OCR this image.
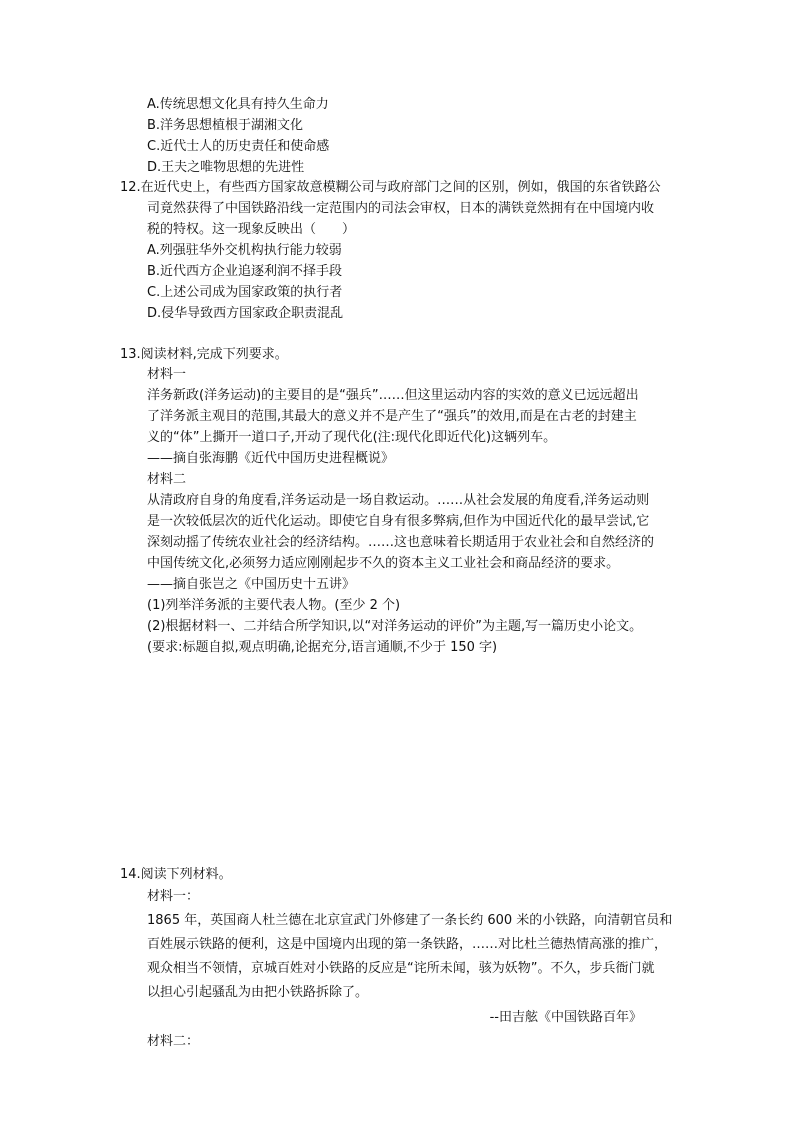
A.传统思想文化具有持久生命力
B.洋务思想植根于湖湘文化
C.近代士人的历史责任和使命感
D.王夫之唯物思想的先进性
12.在近代史上，有些西方国家故意模糊公司与政府部门之间的区别，例如，俄国的东省铁路公
司竟然获得了中国铁路沿线一定范围内的司法会审权，日本的满铁竟然拥有在中国境内收
税的特权。这一现象反映出（　　）
A.列强驻华外交机构执行能力较弱
B.近代西方企业追逐利润不择手段
C.上述公司成为国家政策的执行者
D.侵华导致西方国家政企职责混乱
13.阅读材料,完成下列要求。
材料一
洋务新政(洋务运动)的主要目的是“强兵”……但这里运动内容的实效的意义已远远超出
了洋务派主观目的范围,其最大的意义并不是产生了“强兵”的效用,而是在古老的封建主
义的“体”上撕开一道口子,开动了现代化(注:现代化即近代化)这辆列车。
——摘自张海鹏《近代中国历史进程概说》
材料二
从清政府自身的角度看,洋务运动是一场自救运动。……从社会发展的角度看,洋务运动则
是一次较低层次的近代化运动。即使它自身有很多弊病,但作为中国近代化的最早尝试,它
深刻动摇了传统农业社会的经济结构。……这也意味着长期适用于农业社会和自然经济的
中国传统文化,必须努力适应刚刚起步不久的资本主义工业社会和商品经济的要求。
——摘自张岂之《中国历史十五讲》
(1)列举洋务派的主要代表人物。(至少 2 个)
(2)根据材料一、二并结合所学知识,以“对洋务运动的评价”为主题,写一篇历史小论文。
(要求:标题自拟,观点明确,论据充分,语言通顺,不少于 150 字)
14.阅读下列材料。
材料一：
1865 年，英国商人杜兰德在北京宣武门外修建了一条长约 600 米的小铁路，向清朝官员和
百姓展示铁路的便利，这是中国境内出现的第一条铁路，……对比杜兰德热情高涨的推广，
观众相当不领情，京城百姓对小铁路的反应是“诧所未闻，骇为妖物”。不久，步兵衙门就
以担心引起骚乱为由把小铁路拆除了。
--田吉舷《中国铁路百年》
材料二：
